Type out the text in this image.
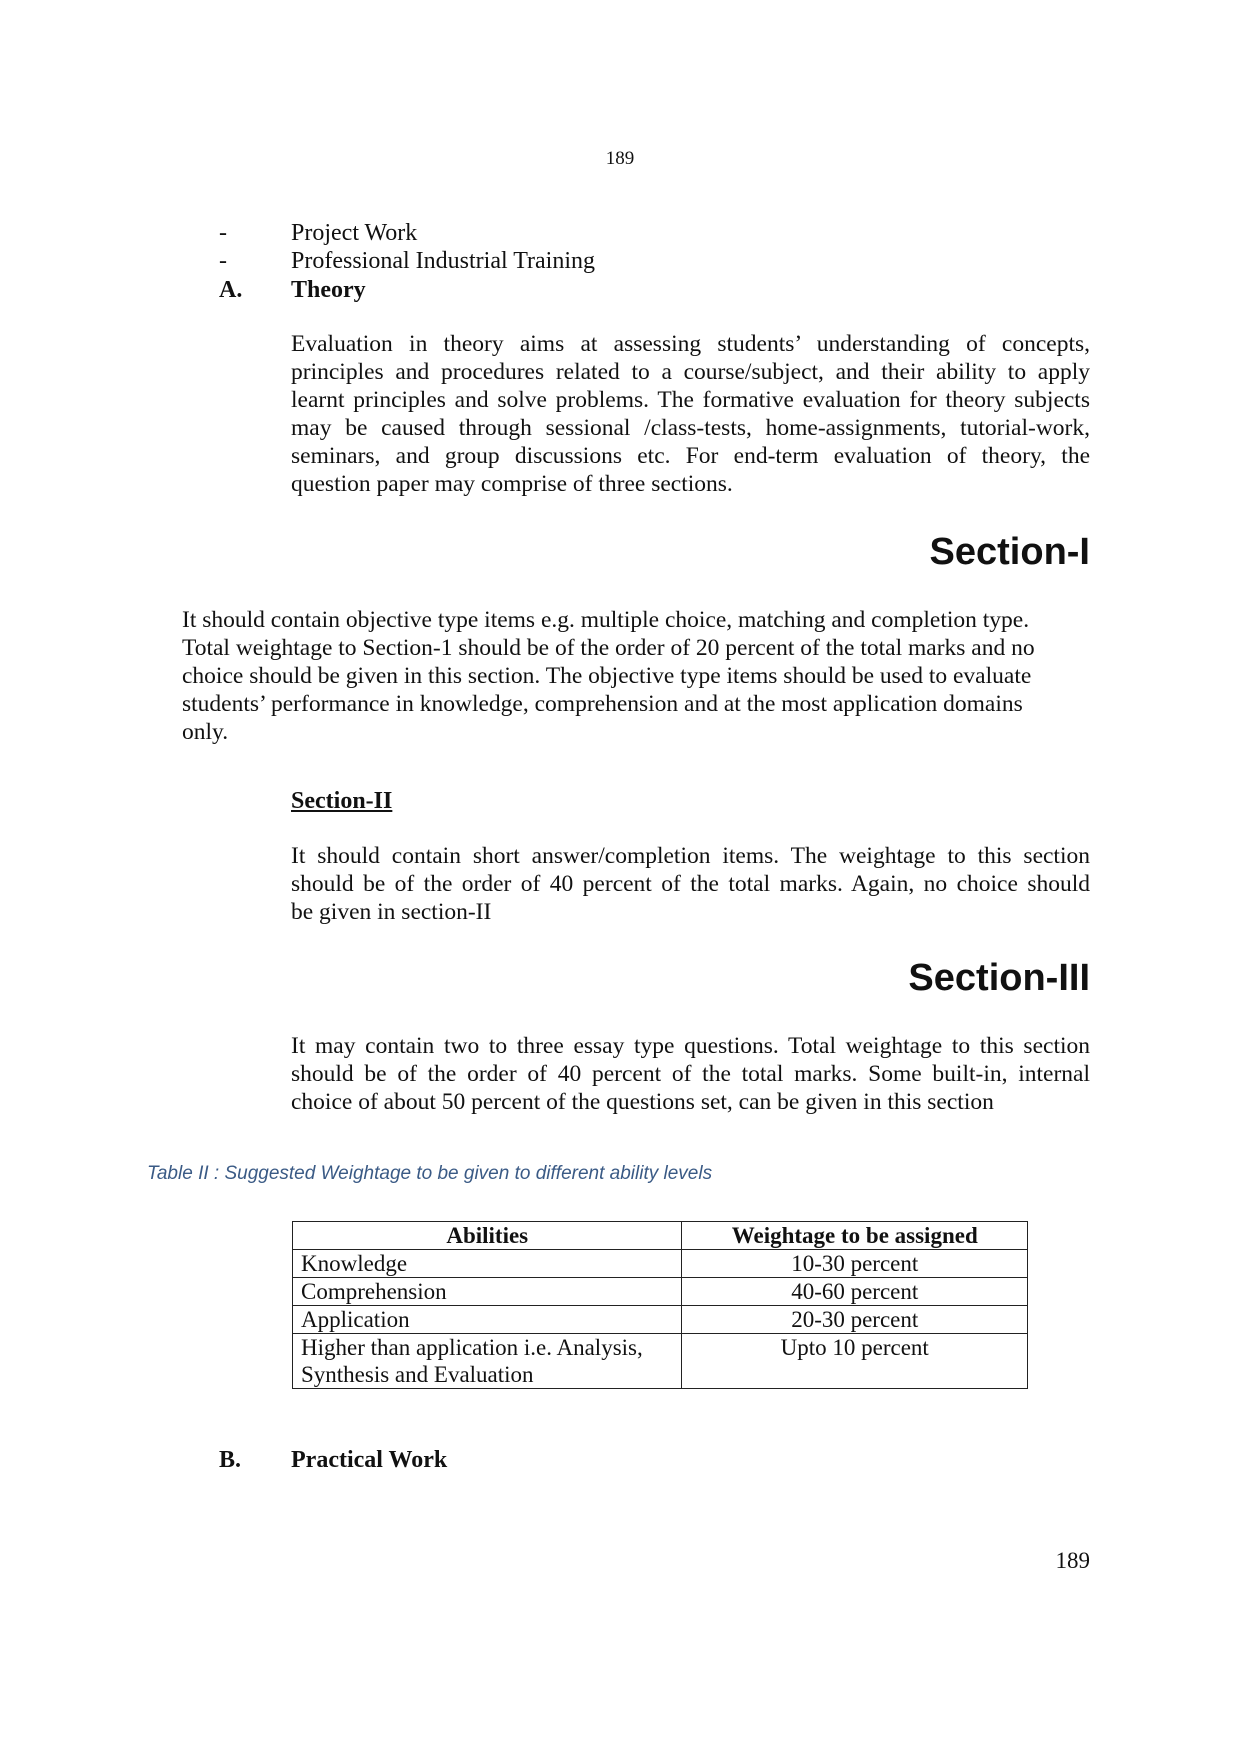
189
-	Project Work
-	Professional Industrial Training
A. Theory
Evaluation in theory aims at assessing students’ understanding of concepts,
principles and procedures related to a course/subject, and their ability to apply
learnt principles and solve problems. The formative evaluation for theory subjects
may be caused through sessional /class-tests, home-assignments, tutorial-work,
seminars, and group discussions etc. For end-term evaluation of theory, the
question paper may comprise of three sections.
Section-I
It should contain objective type items e.g. multiple choice, matching and completion type.
Total weightage to Section-1 should be of the order of 20 percent of the total marks and no
choice should be given in this section. The objective type items should be used to evaluate
students’ performance in knowledge, comprehension and at the most application domains
only.
Section-II
It should contain short answer/completion items. The weightage to this section
should be of the order of 40 percent of the total marks. Again, no choice should
be given in section-II
Section-III
It may contain two to three essay type questions. Total weightage to this section
should be of the order of 40 percent of the total marks. Some built-in, internal
choice of about 50 percent of the questions set, can be given in this section
Table II : Suggested Weightage to be given to different ability levels
Abilities	Weightage to be assigned
Knowledge	10-30 percent
Comprehension	40-60 percent
Application	20-30 percent

Higher than application i.e. Analysis,
Synthesis and Evaluation	Upto 10 percent
B. Practical Work
189
